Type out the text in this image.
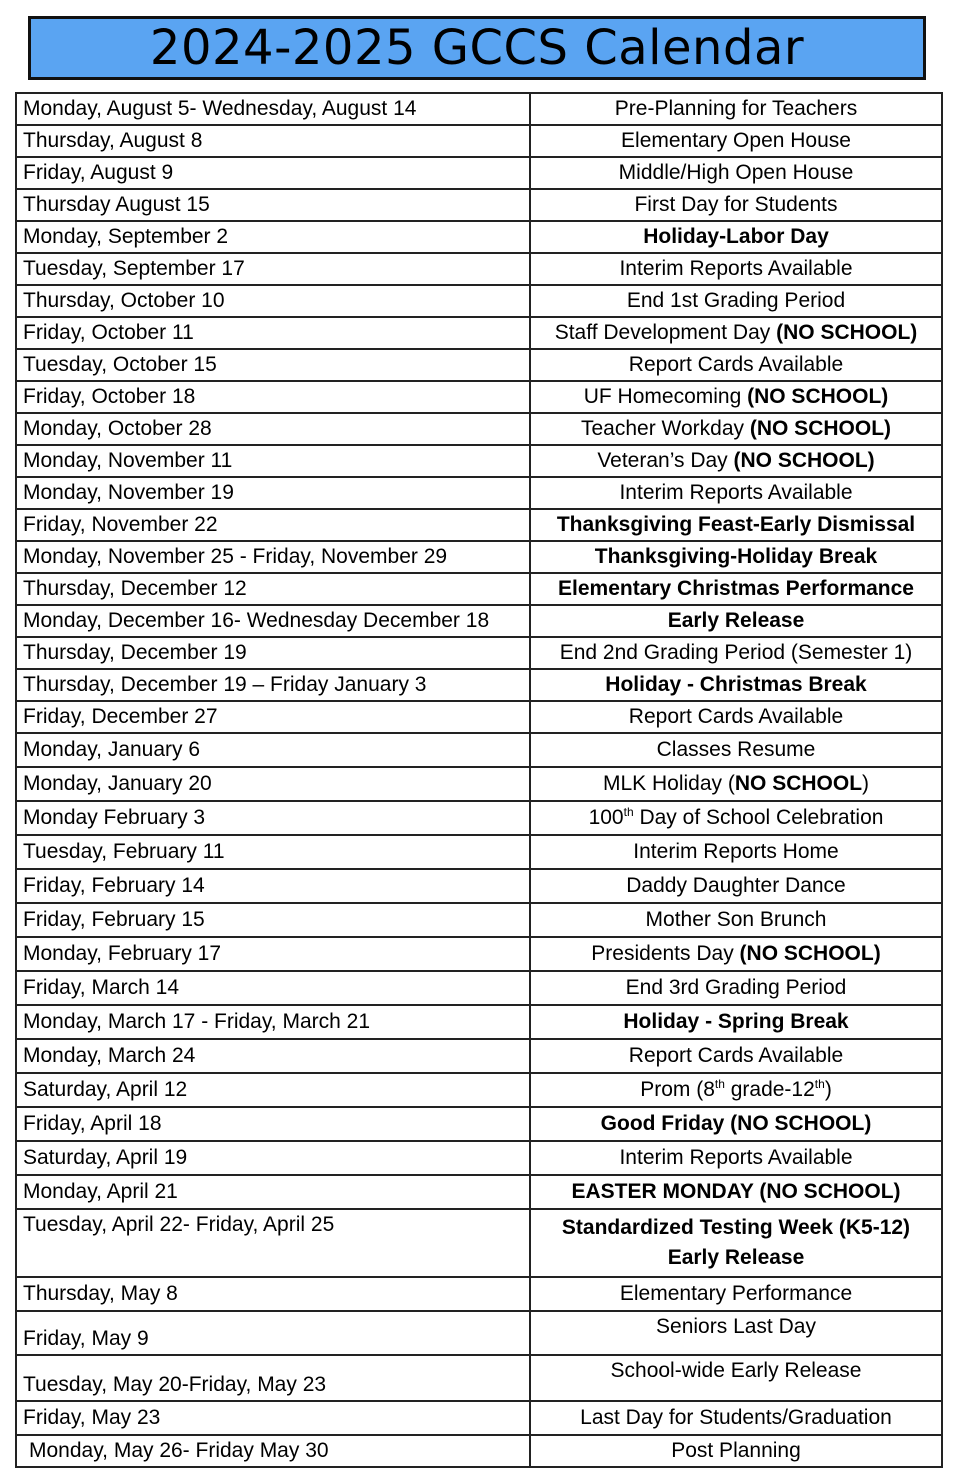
2024-2025 GCCS Calendar
Monday, August 5- Wednesday, August 14	Pre-Planning for Teachers
Thursday, August 8	Elementary Open House
Friday, August 9	Middle/High Open House
Thursday August 15	First Day for Students
Monday, September 2	Holiday-Labor Day
Tuesday, September 17	Interim Reports Available
Thursday, October 10	End 1st Grading Period
Friday, October 11	Staff Development Day (NO SCHOOL)
Tuesday, October 15	Report Cards Available
Friday, October 18	UF Homecoming (NO SCHOOL)
Monday, October 28	Teacher Workday (NO SCHOOL)
Monday, November 11	Veteran’s Day (NO SCHOOL)
Monday, November 19	Interim Reports Available
Friday, November 22	Thanksgiving Feast-Early Dismissal
Monday, November 25 - Friday, November 29	Thanksgiving-Holiday Break
Thursday, December 12	Elementary Christmas Performance
Monday, December 16- Wednesday December 18	Early Release
Thursday, December 19	End 2nd Grading Period (Semester 1)
Thursday, December 19 – Friday January 3	Holiday - Christmas Break
Friday, December 27	Report Cards Available
Monday, January 6	Classes Resume
Monday, January 20	MLK Holiday (NO SCHOOL)
Monday February 3	100th Day of School Celebration
Tuesday, February 11	Interim Reports Home
Friday, February 14	Daddy Daughter Dance
Friday, February 15	Mother Son Brunch
Monday, February 17	Presidents Day (NO SCHOOL)
Friday, March 14	End 3rd Grading Period
Monday, March 17 - Friday, March 21	Holiday - Spring Break
Monday, March 24	Report Cards Available
Saturday, April 12	Prom (8th grade-12th)
Friday, April 18	Good Friday (NO SCHOOL)
Saturday, April 19	Interim Reports Available
Monday, April 21	EASTER MONDAY (NO SCHOOL)
Tuesday, April 22- Friday, April 25	Standardized Testing Week (K5-12)
Early Release

Thursday, May 8	Elementary Performance
Friday, May 9	Seniors Last Day
Tuesday, May 20-Friday, May 23	School-wide Early Release
Friday, May 23	Last Day for Students/Graduation
Monday, May 26- Friday May 30	Post Planning
